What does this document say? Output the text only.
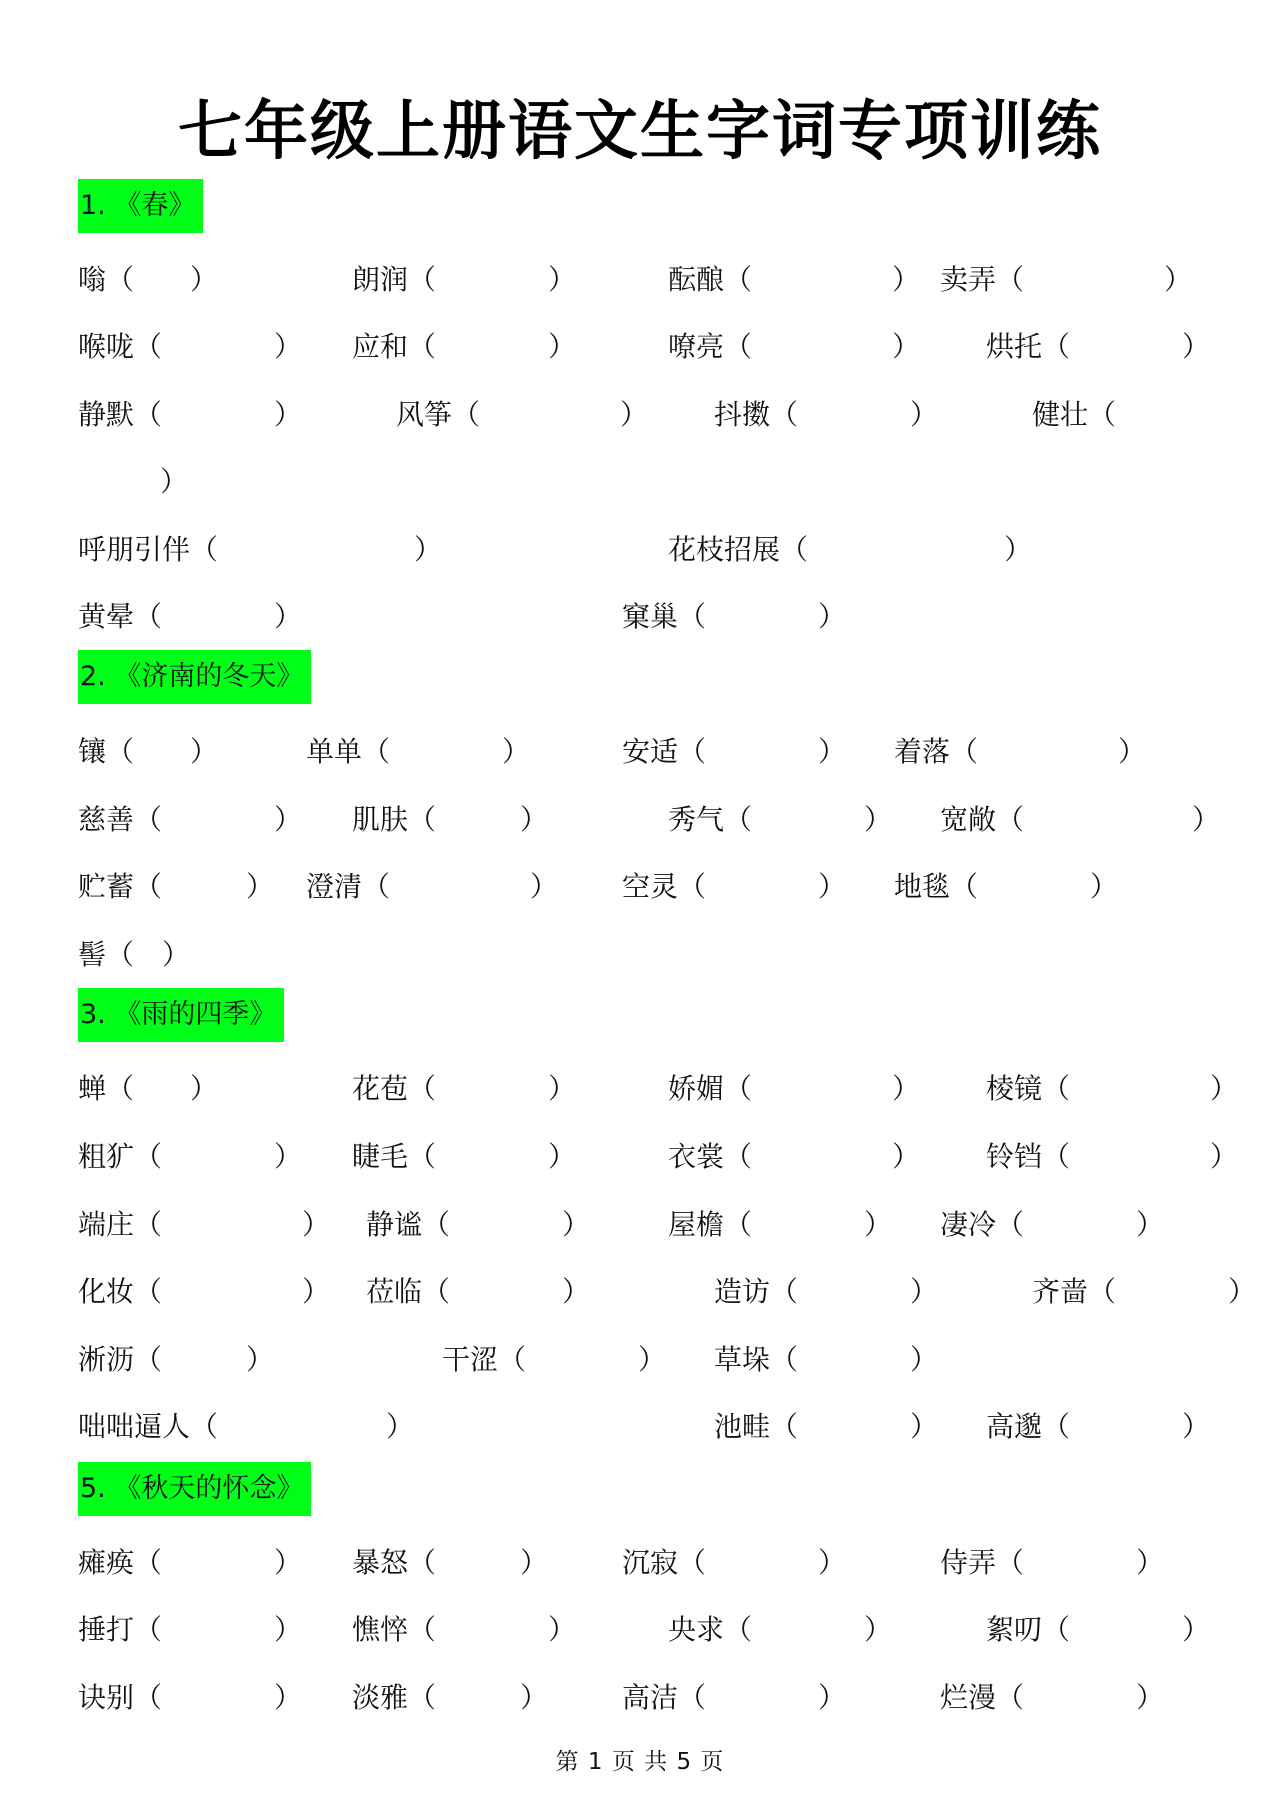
七年级上册语文生字词专项训练
1. 《春》
嗡（　　）	朗润（　　　　）	酝酿（　　　　　） 卖弄（　　　　　）
喉咙（　　　　） 应和（　　　　）	嘹亮（　　　　　） 烘托（　　　　）
静默（　　　　）	风筝（　　　　　） 抖擞（　　　　）	健壮（
）
呼朋引伴（　　　　　　　）	花枝招展（　　　　　　　）
黄晕（　　　　）	窠巢（　　　　）
2. 《济南的冬天》
镶（　　）	单单（　　　　）	安适（　　　　） 着落（　　　　　）
慈善（　　　　） 肌肤（　　　）	秀气（　　　　） 宽敞（　　　　　　）
贮蓄（　　　） 澄清（　　　　　） 空灵（　　　　） 地毯（　　　　）
髻（　）
3. 《雨的四季》
蝉（　　）	花苞（　　　　）	娇媚（　　　　　） 棱镜（　　　　　）
粗犷（　　　　） 睫毛（　　　　）	衣裳（　　　　　） 铃铛（　　　　　）
端庄（　　　　　） 静谧（　　　　）	屋檐（　　　　） 凄冷（　　　　）
化妆（　　　　　） 莅临（　　　　）	造访（　　　　）	齐啬（　　　　）
淅沥（　　　）	干涩（　　　　） 草垛（　　　　）
咄咄逼人（　　　　　　）	池畦（　　　　） 高邈（　　　　）
5. 《秋天的怀念》
瘫痪（　　　　） 暴怒（　　　）	沉寂（　　　　）	侍弄（　　　　）
捶打（　　　　） 憔悴（　　　　）	央求（　　　　）	絮叨（　　　　）
诀别（　　　　） 淡雅（　　　）	高洁（　　　　）	烂漫（　　　　）
第 1 页 共 5 页
